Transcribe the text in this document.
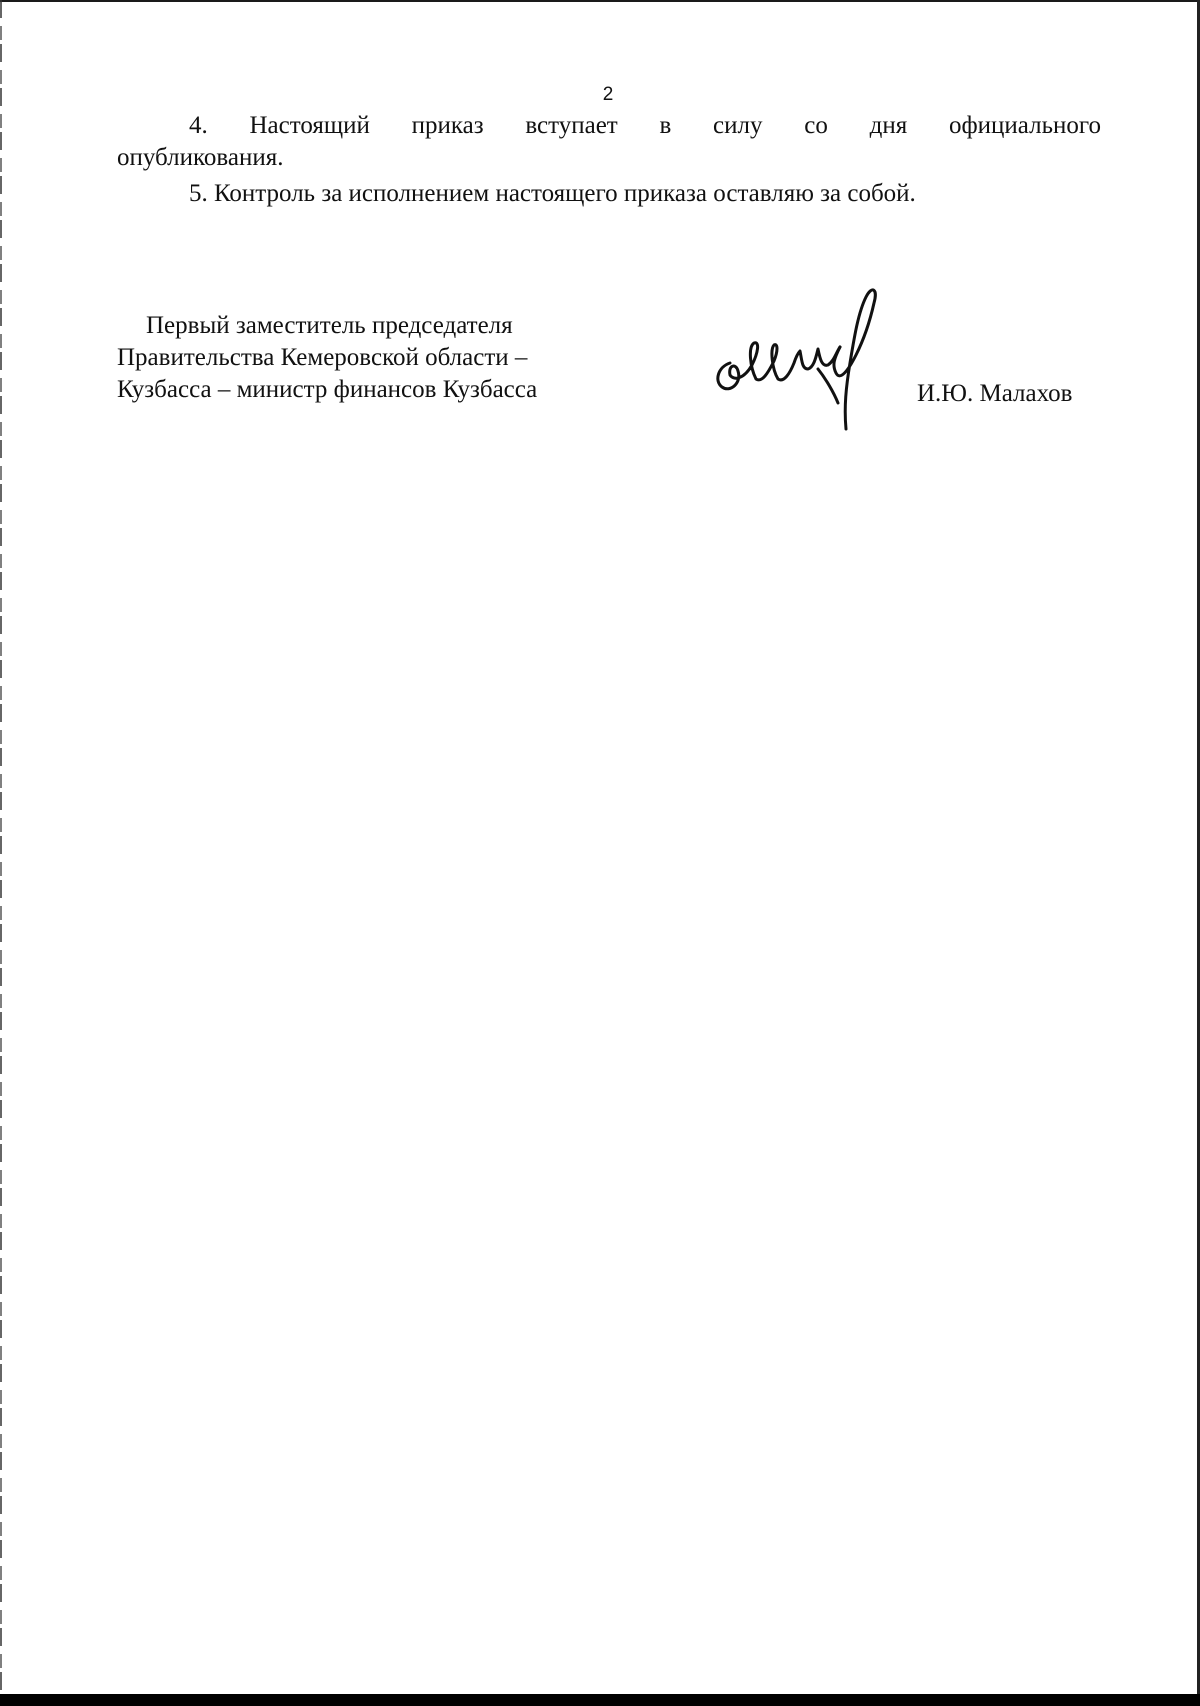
2
4. Настоящий приказ вступает в силу со дня официального
опубликования.
5. Контроль за исполнением настоящего приказа оставляю за собой.
Первый заместитель председателя
Правительства Кемеровской области –
Кузбасса – министр финансов Кузбасса	И.Ю. Малахов
